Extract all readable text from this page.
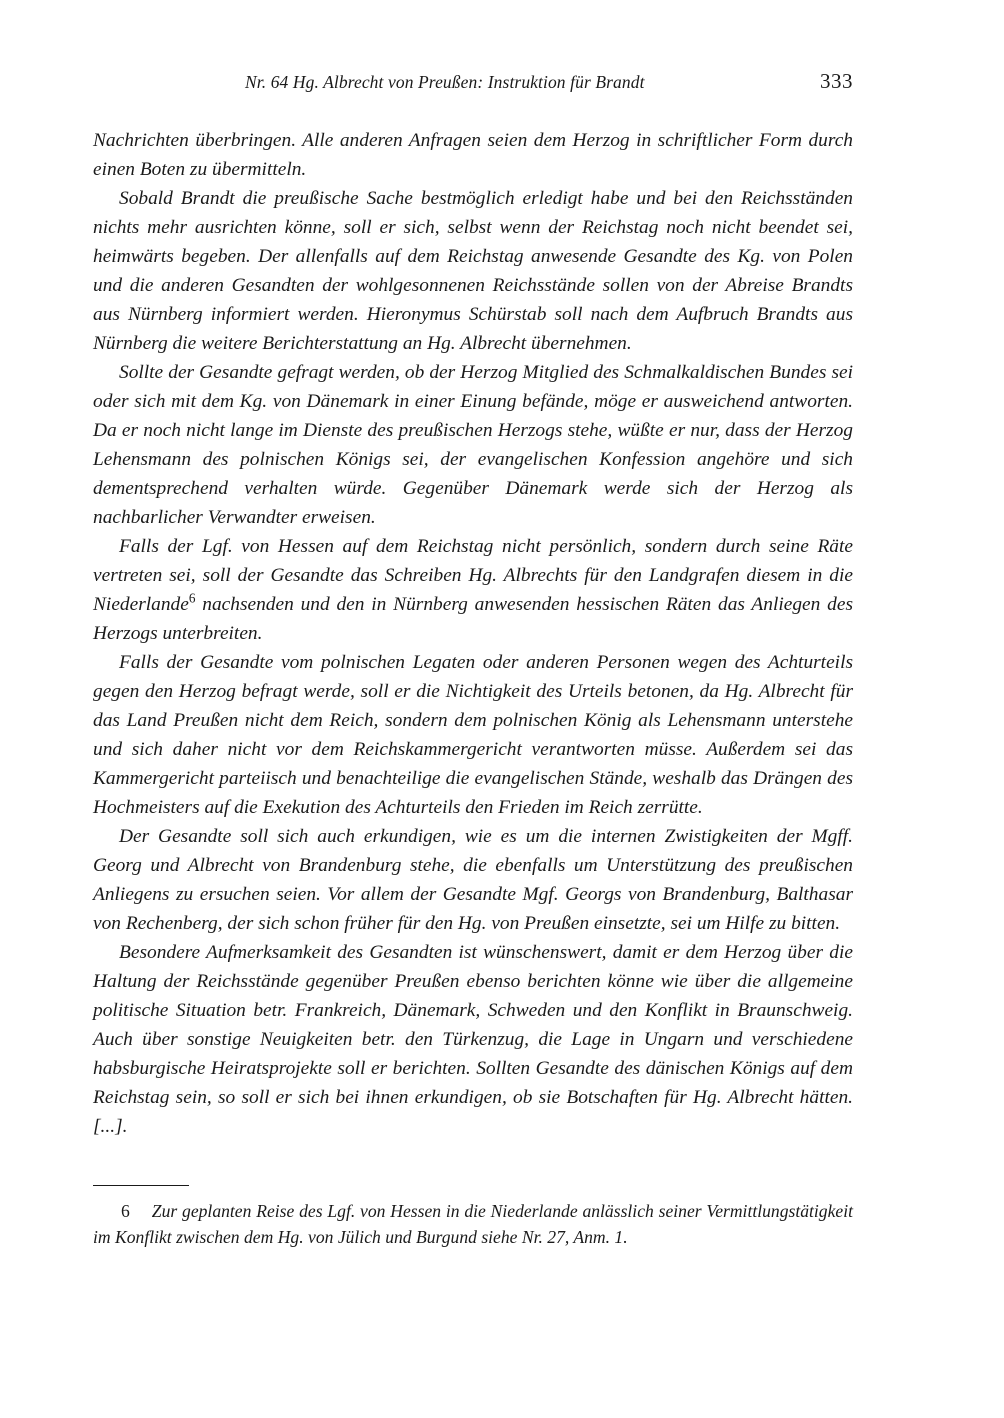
Nr. 64 Hg. Albrecht von Preußen: Instruktion für Brandt	333

Nachrichten überbringen. Alle anderen Anfragen seien dem Herzog in schriftlicher Form durch einen Boten zu übermitteln.

Sobald Brandt die preußische Sache bestmöglich erledigt habe und bei den Reichsständen nichts mehr ausrichten könne, soll er sich, selbst wenn der Reichstag noch nicht beendet sei, heimwärts begeben. Der allenfalls auf dem Reichstag anwesende Gesandte des Kg. von Polen und die anderen Gesandten der wohlgesonnenen Reichsstände sollen von der Abreise Brandts aus Nürnberg informiert werden. Hieronymus Schürstab soll nach dem Aufbruch Brandts aus Nürnberg die weitere Berichterstattung an Hg. Albrecht übernehmen.

Sollte der Gesandte gefragt werden, ob der Herzog Mitglied des Schmalkaldischen Bundes sei oder sich mit dem Kg. von Dänemark in einer Einung befände, möge er ausweichend antworten. Da er noch nicht lange im Dienste des preußischen Herzogs stehe, wüßte er nur, dass der Herzog Lehensmann des polnischen Königs sei, der evangelischen Konfession angehöre und sich dementsprechend verhalten würde. Gegenüber Dänemark werde sich der Herzog als nachbarlicher Verwandter erweisen.

Falls der Lgf. von Hessen auf dem Reichstag nicht persönlich, sondern durch seine Räte vertreten sei, soll der Gesandte das Schreiben Hg. Albrechts für den Landgrafen diesem in die Niederlande$^6$ nachsenden und den in Nürnberg anwesenden hessischen Räten das Anliegen des Herzogs unterbreiten.

Falls der Gesandte vom polnischen Legaten oder anderen Personen wegen des Achturteils gegen den Herzog befragt werde, soll er die Nichtigkeit des Urteils betonen, da Hg. Albrecht für das Land Preußen nicht dem Reich, sondern dem polnischen König als Lehensmann unterstehe und sich daher nicht vor dem Reichskammergericht verantworten müsse. Außerdem sei das Kammergericht parteiisch und benachteilige die evangelischen Stände, weshalb das Drängen des Hochmeisters auf die Exekution des Achturteils den Frieden im Reich zerrütte.

Der Gesandte soll sich auch erkundigen, wie es um die internen Zwistigkeiten der Mgff. Georg und Albrecht von Brandenburg stehe, die ebenfalls um Unterstützung des preußischen Anliegens zu ersuchen seien. Vor allem der Gesandte Mgf. Georgs von Brandenburg, Balthasar von Rechenberg, der sich schon früher für den Hg. von Preußen einsetzte, sei um Hilfe zu bitten.

Besondere Aufmerksamkeit des Gesandten ist wünschenswert, damit er dem Herzog über die Haltung der Reichsstände gegenüber Preußen ebenso berichten könne wie über die allgemeine politische Situation betr. Frankreich, Dänemark, Schweden und den Konflikt in Braunschweig. Auch über sonstige Neuigkeiten betr. den Türkenzug, die Lage in Ungarn und verschiedene habsburgische Heiratsprojekte soll er berichten. Sollten Gesandte des dänischen Königs auf dem Reichstag sein, so soll er sich bei ihnen erkundigen, ob sie Botschaften für Hg. Albrecht hätten. [...].

6 Zur geplanten Reise des Lgf. von Hessen in die Niederlande anlässlich seiner Vermittlungstätigkeit im Konflikt zwischen dem Hg. von Jülich und Burgund siehe Nr. 27, Anm. 1.
